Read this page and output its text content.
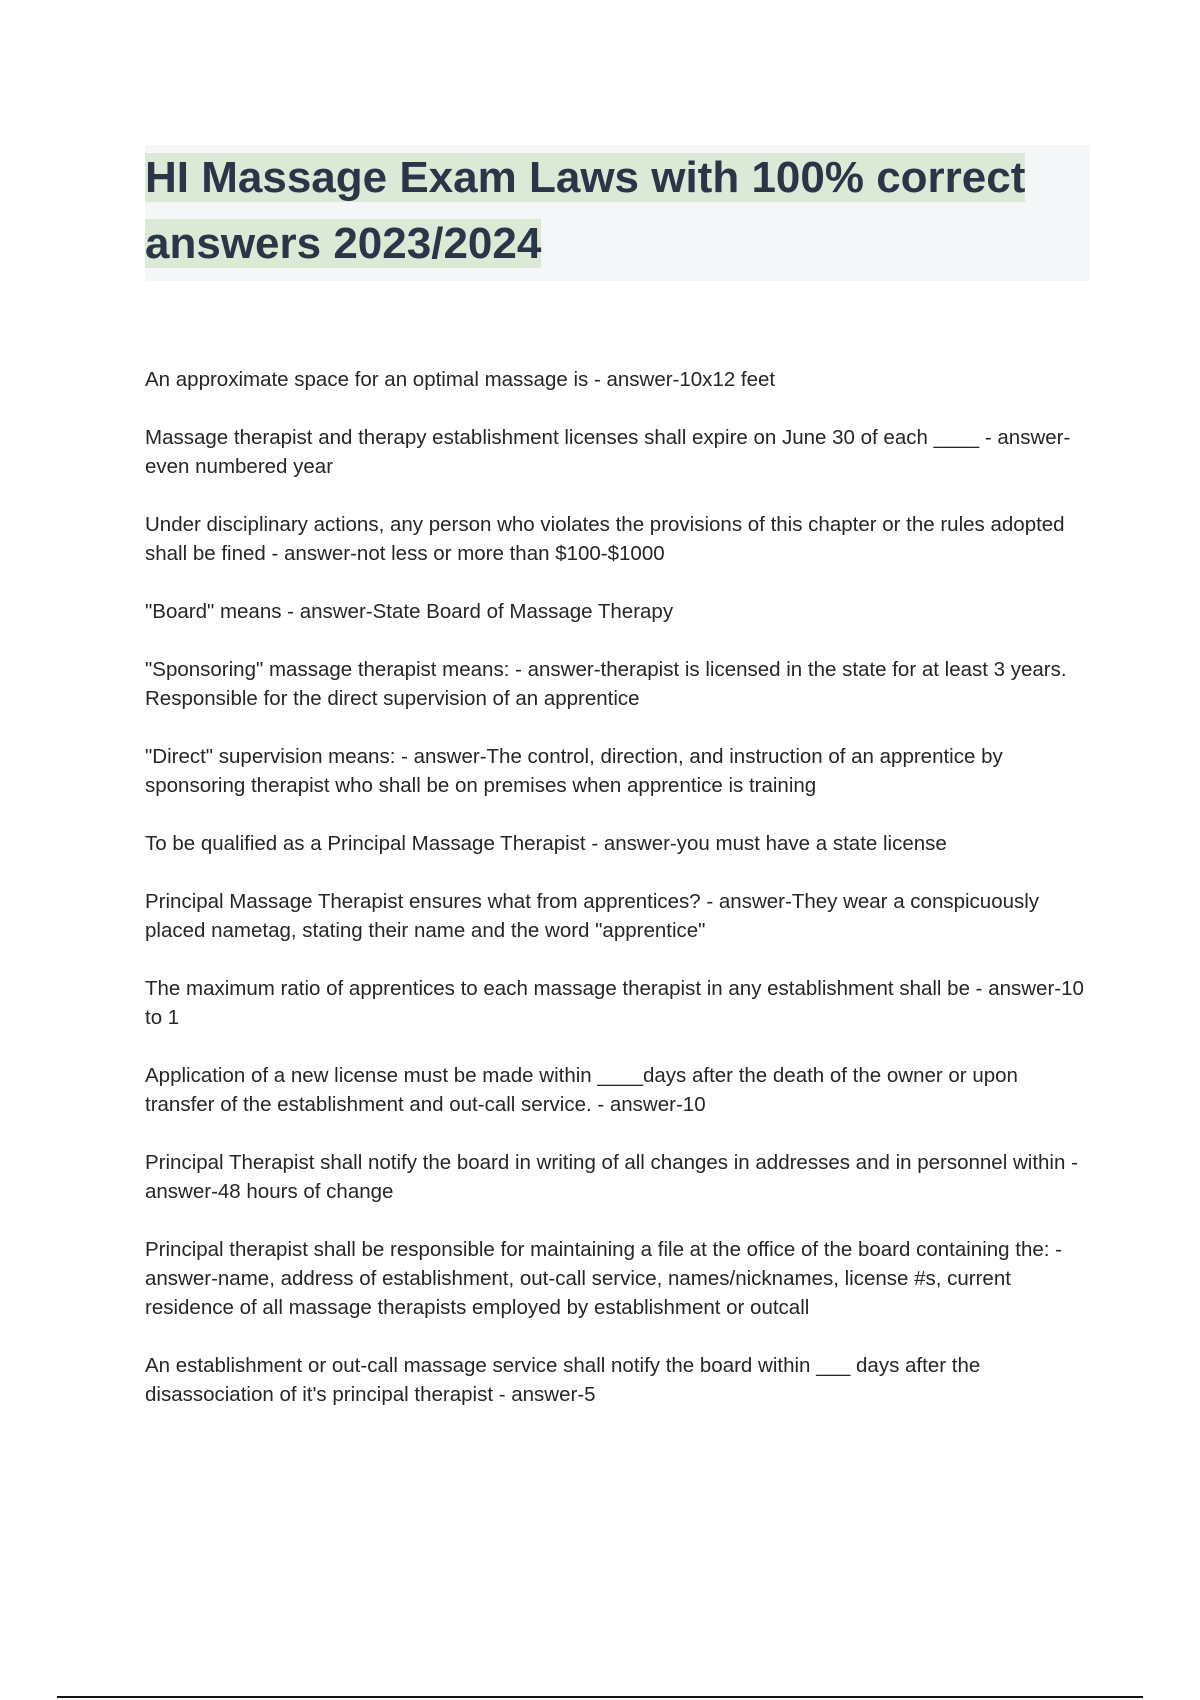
HI Massage Exam Laws with 100% correct answers 2023/2024

An approximate space for an optimal massage is - answer-10x12 feet

Massage therapist and therapy establishment licenses shall expire on June 30 of each ____ - answer-even numbered year

Under disciplinary actions, any person who violates the provisions of this chapter or the rules adopted shall be fined - answer-not less or more than $100-$1000

"Board" means - answer-State Board of Massage Therapy

"Sponsoring" massage therapist means: - answer-therapist is licensed in the state for at least 3 years. Responsible for the direct supervision of an apprentice

"Direct" supervision means: - answer-The control, direction, and instruction of an apprentice by sponsoring therapist who shall be on premises when apprentice is training

To be qualified as a Principal Massage Therapist - answer-you must have a state license

Principal Massage Therapist ensures what from apprentices? - answer-They wear a conspicuously placed nametag, stating their name and the word "apprentice"

The maximum ratio of apprentices to each massage therapist in any establishment shall be - answer-10 to 1

Application of a new license must be made within ____days after the death of the owner or upon transfer of the establishment and out-call service. - answer-10

Principal Therapist shall notify the board in writing of all changes in addresses and in personnel within - answer-48 hours of change

Principal therapist shall be responsible for maintaining a file at the office of the board containing the: - answer-name, address of establishment, out-call service, names/nicknames, license #s, current residence of all massage therapists employed by establishment or outcall

An establishment or out-call massage service shall notify the board within ___ days after the disassociation of it's principal therapist - answer-5
